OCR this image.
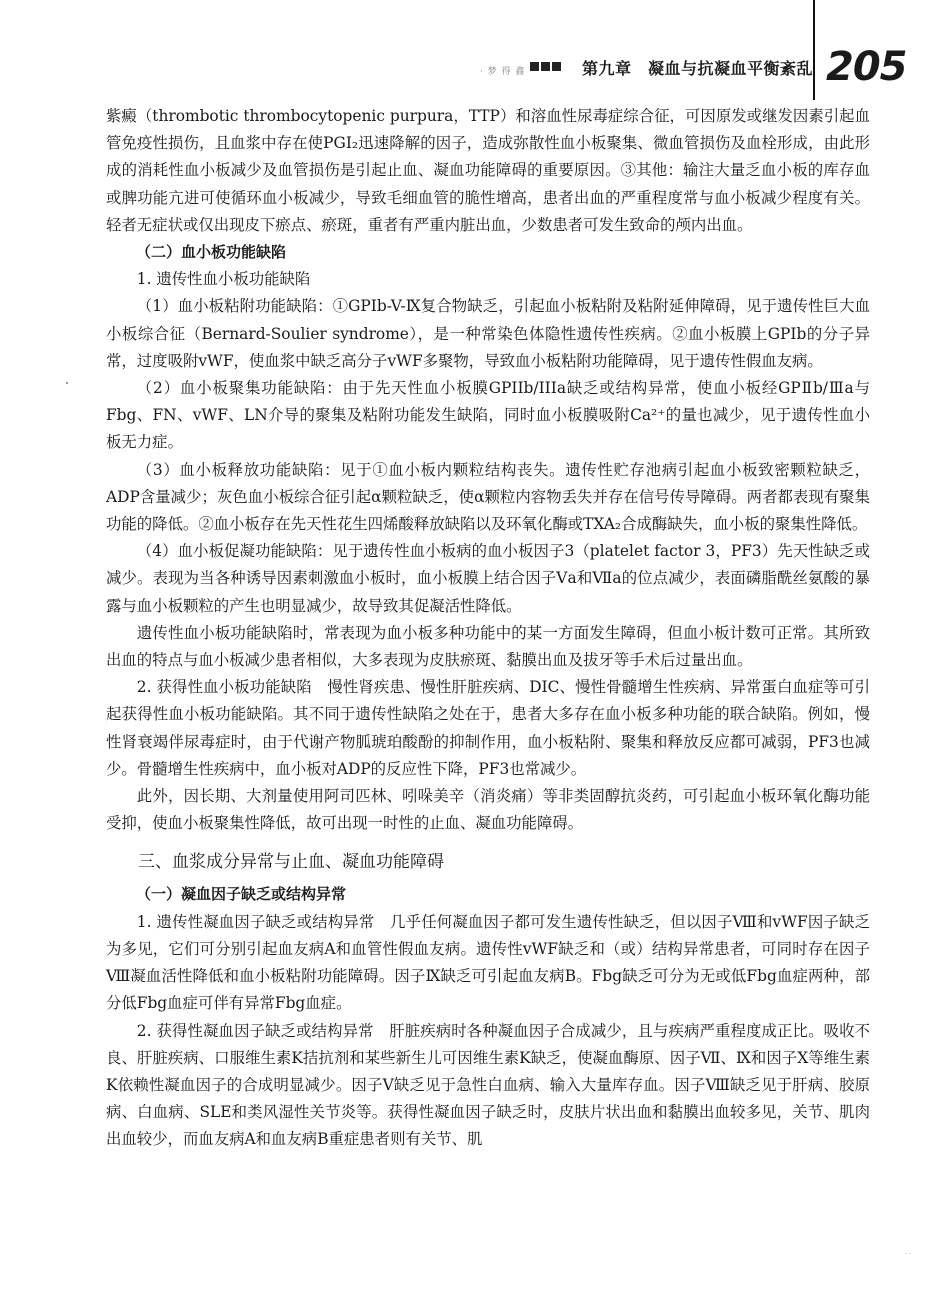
· 梦 得 鑫	第九章　凝血与抗凝血平衡紊乱 205

紫癜（thrombotic thrombocytopenic purpura，TTP）和溶血性尿毒症综合征，可因原发或继发因素引起血管免疫性损伤，且血浆中存在使PGI₂迅速降解的因子，造成弥散性血小板聚集、微血管损伤及血栓形成，由此形成的消耗性血小板减少及血管损伤是引起止血、凝血功能障碍的重要原因。③其他：输注大量乏血小板的库存血或脾功能亢进可使循环血小板减少，导致毛细血管的脆性增高，患者出血的严重程度常与血小板减少程度有关。轻者无症状或仅出现皮下瘀点、瘀斑，重者有严重内脏出血，少数患者可发生致命的颅内出血。

（二）血小板功能缺陷

1. 遗传性血小板功能缺陷

（1）血小板粘附功能缺陷：①GPIb-V-Ⅸ复合物缺乏，引起血小板粘附及粘附延伸障碍，见于遗传性巨大血小板综合征（Bernard-Soulier syndrome），是一种常染色体隐性遗传性疾病。②血小板膜上GPIb的分子异常，过度吸附vWF，使血浆中缺乏高分子vWF多聚物，导致血小板粘附功能障碍，见于遗传性假血友病。

（2）血小板聚集功能缺陷：由于先天性血小板膜GPIIb/IIIa缺乏或结构异常，使血小板经GPⅡb/Ⅲa与Fbg、FN、vWF、LN介导的聚集及粘附功能发生缺陷，同时血小板膜吸附Ca²⁺的量也减少，见于遗传性血小板无力症。

（3）血小板释放功能缺陷：见于①血小板内颗粒结构丧失。遗传性贮存池病引起血小板致密颗粒缺乏，ADP含量减少；灰色血小板综合征引起α颗粒缺乏，使α颗粒内容物丢失并存在信号传导障碍。两者都表现有聚集功能的降低。②血小板存在先天性花生四烯酸释放缺陷以及环氧化酶或TXA₂合成酶缺失，血小板的聚集性降低。

（4）血小板促凝功能缺陷：见于遗传性血小板病的血小板因子3（platelet factor 3，PF3）先天性缺乏或减少。表现为当各种诱导因素刺激血小板时，血小板膜上结合因子Ⅴa和Ⅶa的位点减少，表面磷脂酰丝氨酸的暴露与血小板颗粒的产生也明显减少，故导致其促凝活性降低。

遗传性血小板功能缺陷时，常表现为血小板多种功能中的某一方面发生障碍，但血小板计数可正常。其所致出血的特点与血小板减少患者相似，大多表现为皮肤瘀斑、黏膜出血及拔牙等手术后过量出血。

2. 获得性血小板功能缺陷　慢性肾疾患、慢性肝脏疾病、DIC、慢性骨髓增生性疾病、异常蛋白血症等可引起获得性血小板功能缺陷。其不同于遗传性缺陷之处在于，患者大多存在血小板多种功能的联合缺陷。例如，慢性肾衰竭伴尿毒症时，由于代谢产物胍琥珀酸酚的抑制作用，血小板粘附、聚集和释放反应都可减弱，PF3也减少。骨髓增生性疾病中，血小板对ADP的反应性下降，PF3也常减少。

此外，因长期、大剂量使用阿司匹林、吲哚美辛（消炎痛）等非类固醇抗炎药，可引起血小板环氧化酶功能受抑，使血小板聚集性降低，故可出现一时性的止血、凝血功能障碍。

三、血浆成分异常与止血、凝血功能障碍

（一）凝血因子缺乏或结构异常

1. 遗传性凝血因子缺乏或结构异常　几乎任何凝血因子都可发生遗传性缺乏，但以因子Ⅷ和vWF因子缺乏为多见，它们可分别引起血友病A和血管性假血友病。遗传性vWF缺乏和（或）结构异常患者，可同时存在因子Ⅷ凝血活性降低和血小板粘附功能障碍。因子Ⅸ缺乏可引起血友病B。Fbg缺乏可分为无或低Fbg血症两种，部分低Fbg血症可伴有异常Fbg血症。

2. 获得性凝血因子缺乏或结构异常　肝脏疾病时各种凝血因子合成减少，且与疾病严重程度成正比。吸收不良、肝脏疾病、口服维生素K拮抗剂和某些新生儿可因维生素K缺乏，使凝血酶原、因子Ⅶ、Ⅸ和因子Ⅹ等维生素K依赖性凝血因子的合成明显减少。因子Ⅴ缺乏见于急性白血病、输入大量库存血。因子Ⅷ缺乏见于肝病、胶原病、白血病、SLE和类风湿性关节炎等。获得性凝血因子缺乏时，皮肤片状出血和黏膜出血较多见，关节、肌肉出血较少，而血友病A和血友病B重症患者则有关节、肌

· ·
